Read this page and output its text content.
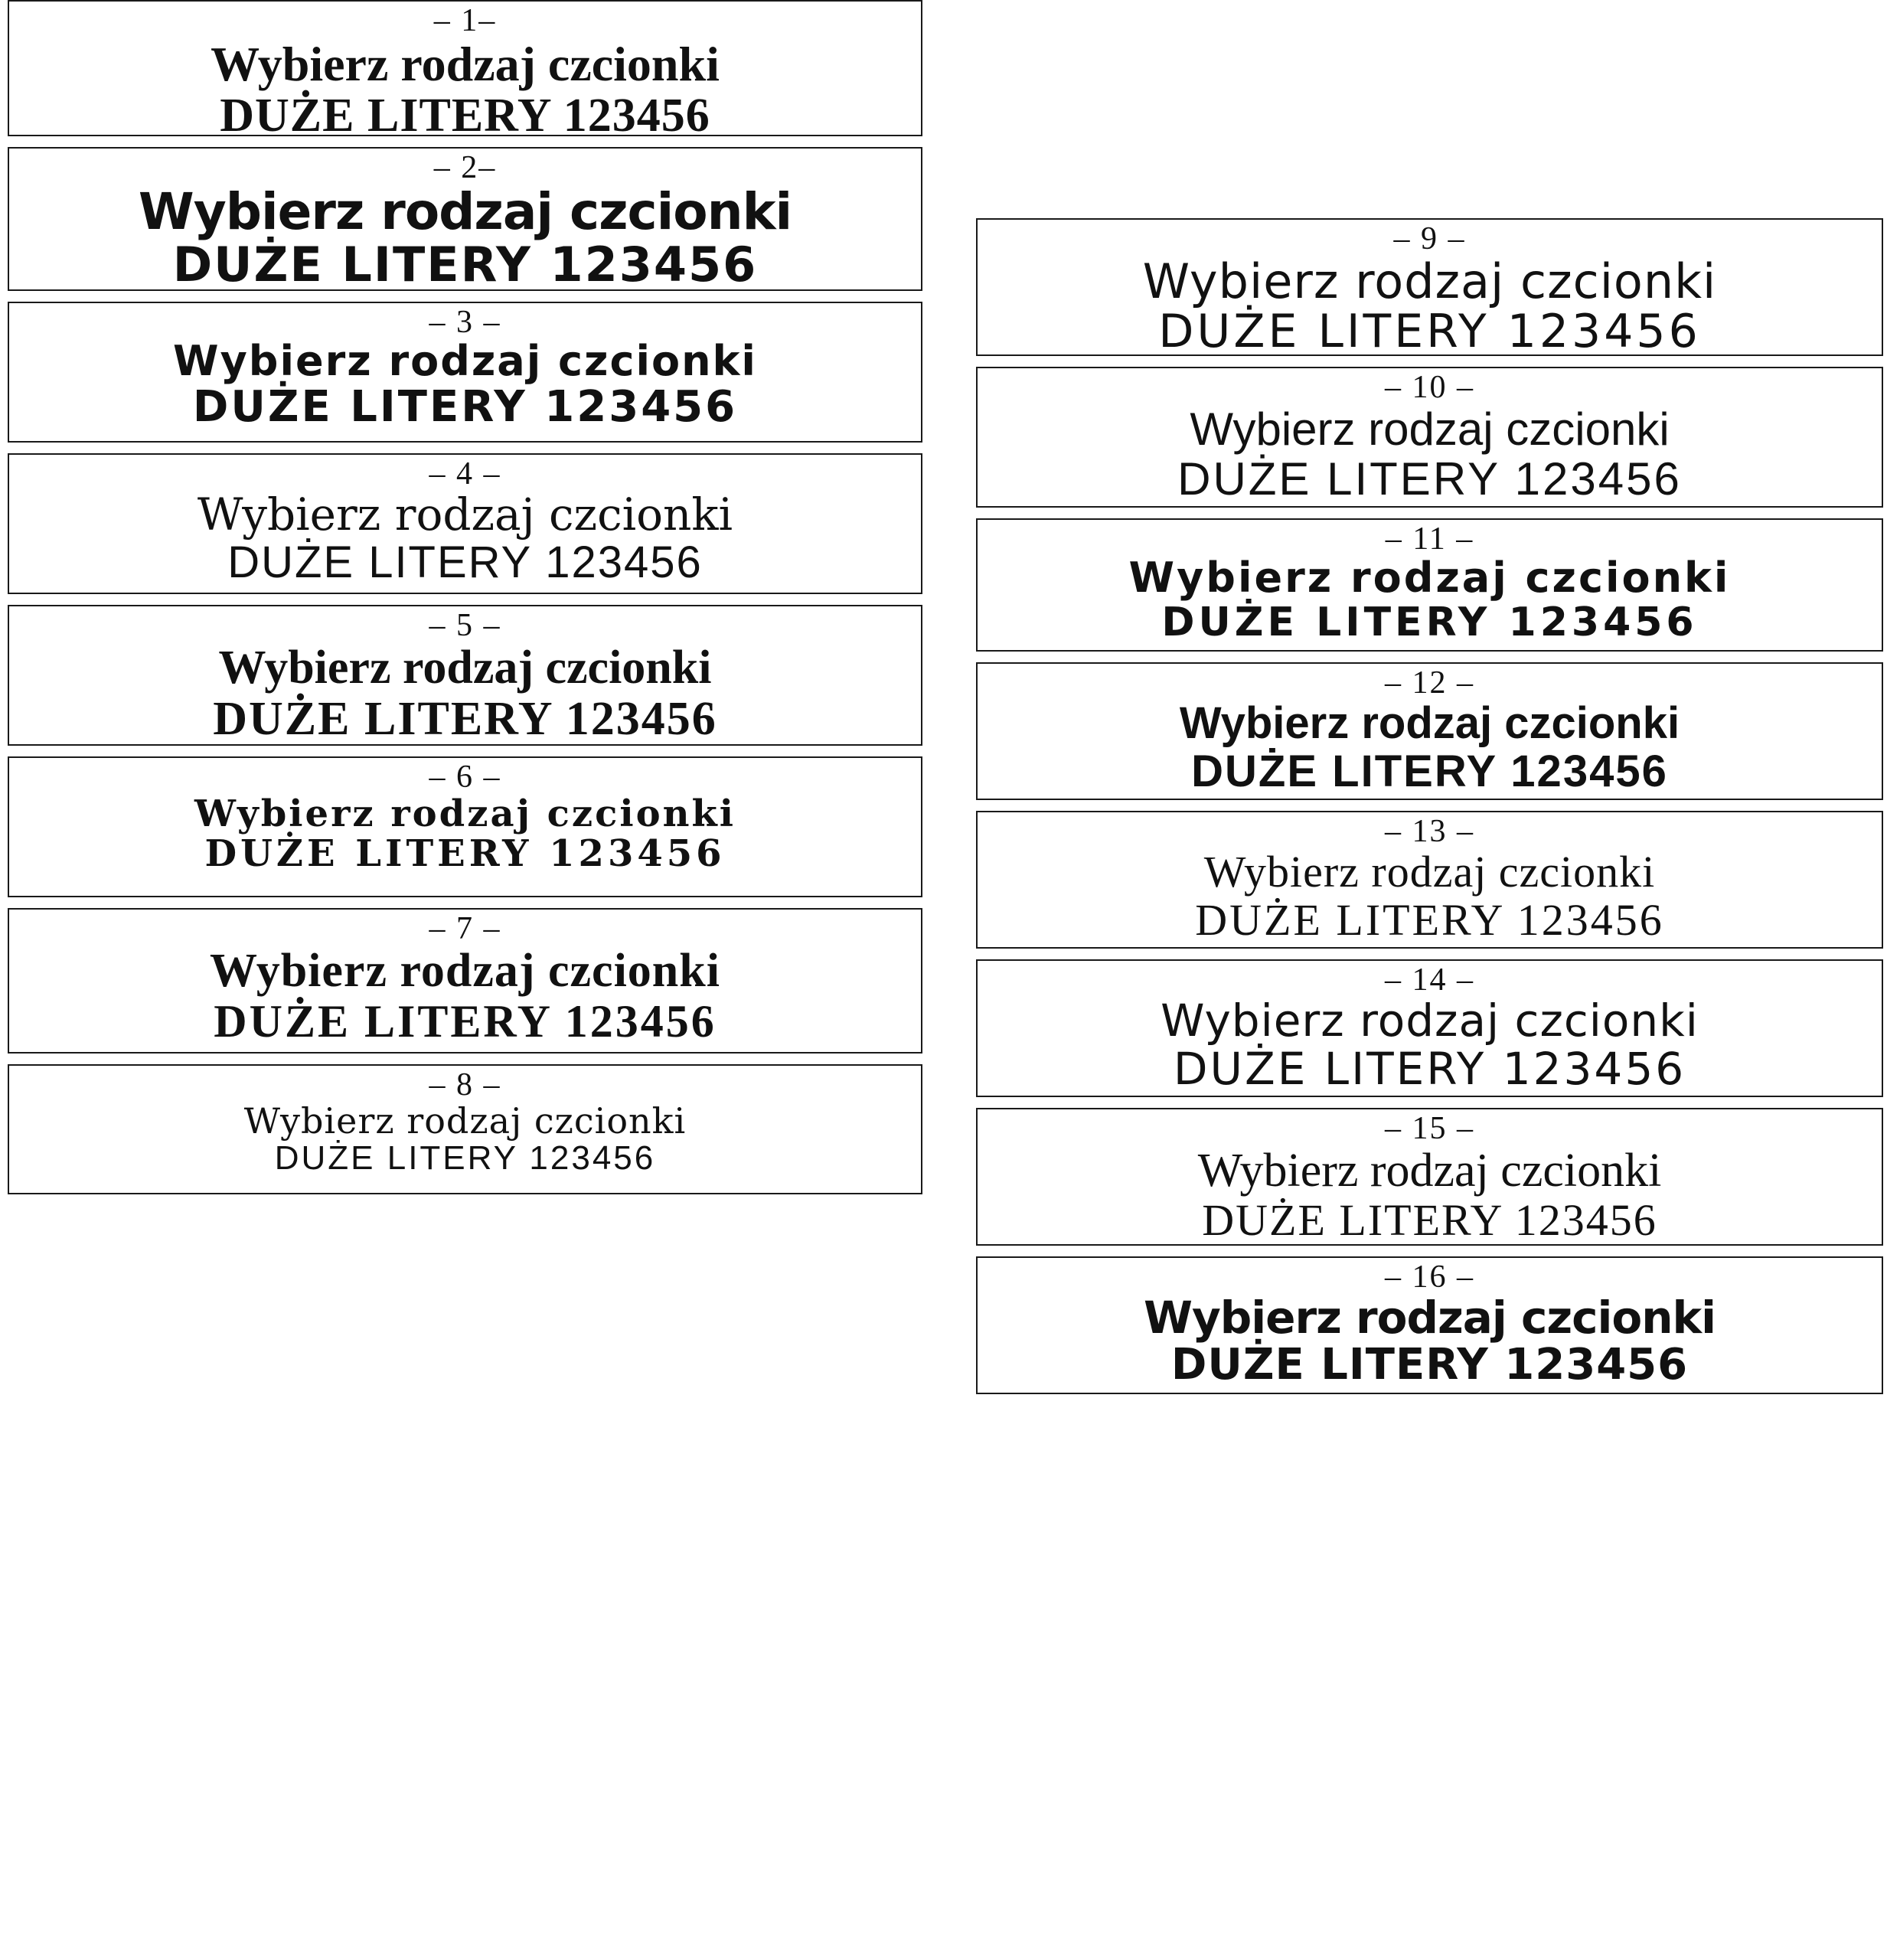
– 1–
Wybierz rodzaj czcionki
DUŻE LITERY 123456
– 2–
Wybierz rodzaj czcionki
DUŻE LITERY 123456
– 3 –
Wybierz rodzaj czcionki
DUŻE LITERY 123456
– 4 –
Wybierz rodzaj czcionki
DUŻE LITERY 123456
– 5 –
Wybierz rodzaj czcionki
DUŻE LITERY 123456
– 6 –
Wybierz rodzaj czcionki
DUŻE LITERY 123456
– 7 –
Wybierz rodzaj czcionki
DUŻE LITERY 123456
– 8 –
Wybierz rodzaj czcionki
DUŻE LITERY 123456
– 9 –
Wybierz rodzaj czcionki
DUŻE LITERY 123456
– 10 –
Wybierz rodzaj czcionki
DUŻE LITERY 123456
– 11 –
Wybierz rodzaj czcionki
DUŻE LITERY 123456
– 12 –
Wybierz rodzaj czcionki
DUŻE LITERY 123456
– 13 –
Wybierz rodzaj czcionki
DUŻE LITERY 123456
– 14 –
Wybierz rodzaj czcionki
DUŻE LITERY 123456
– 15 –
Wybierz rodzaj czcionki
DUŻE LITERY 123456
– 16 –
Wybierz rodzaj czcionki
DUŻE LITERY 123456
